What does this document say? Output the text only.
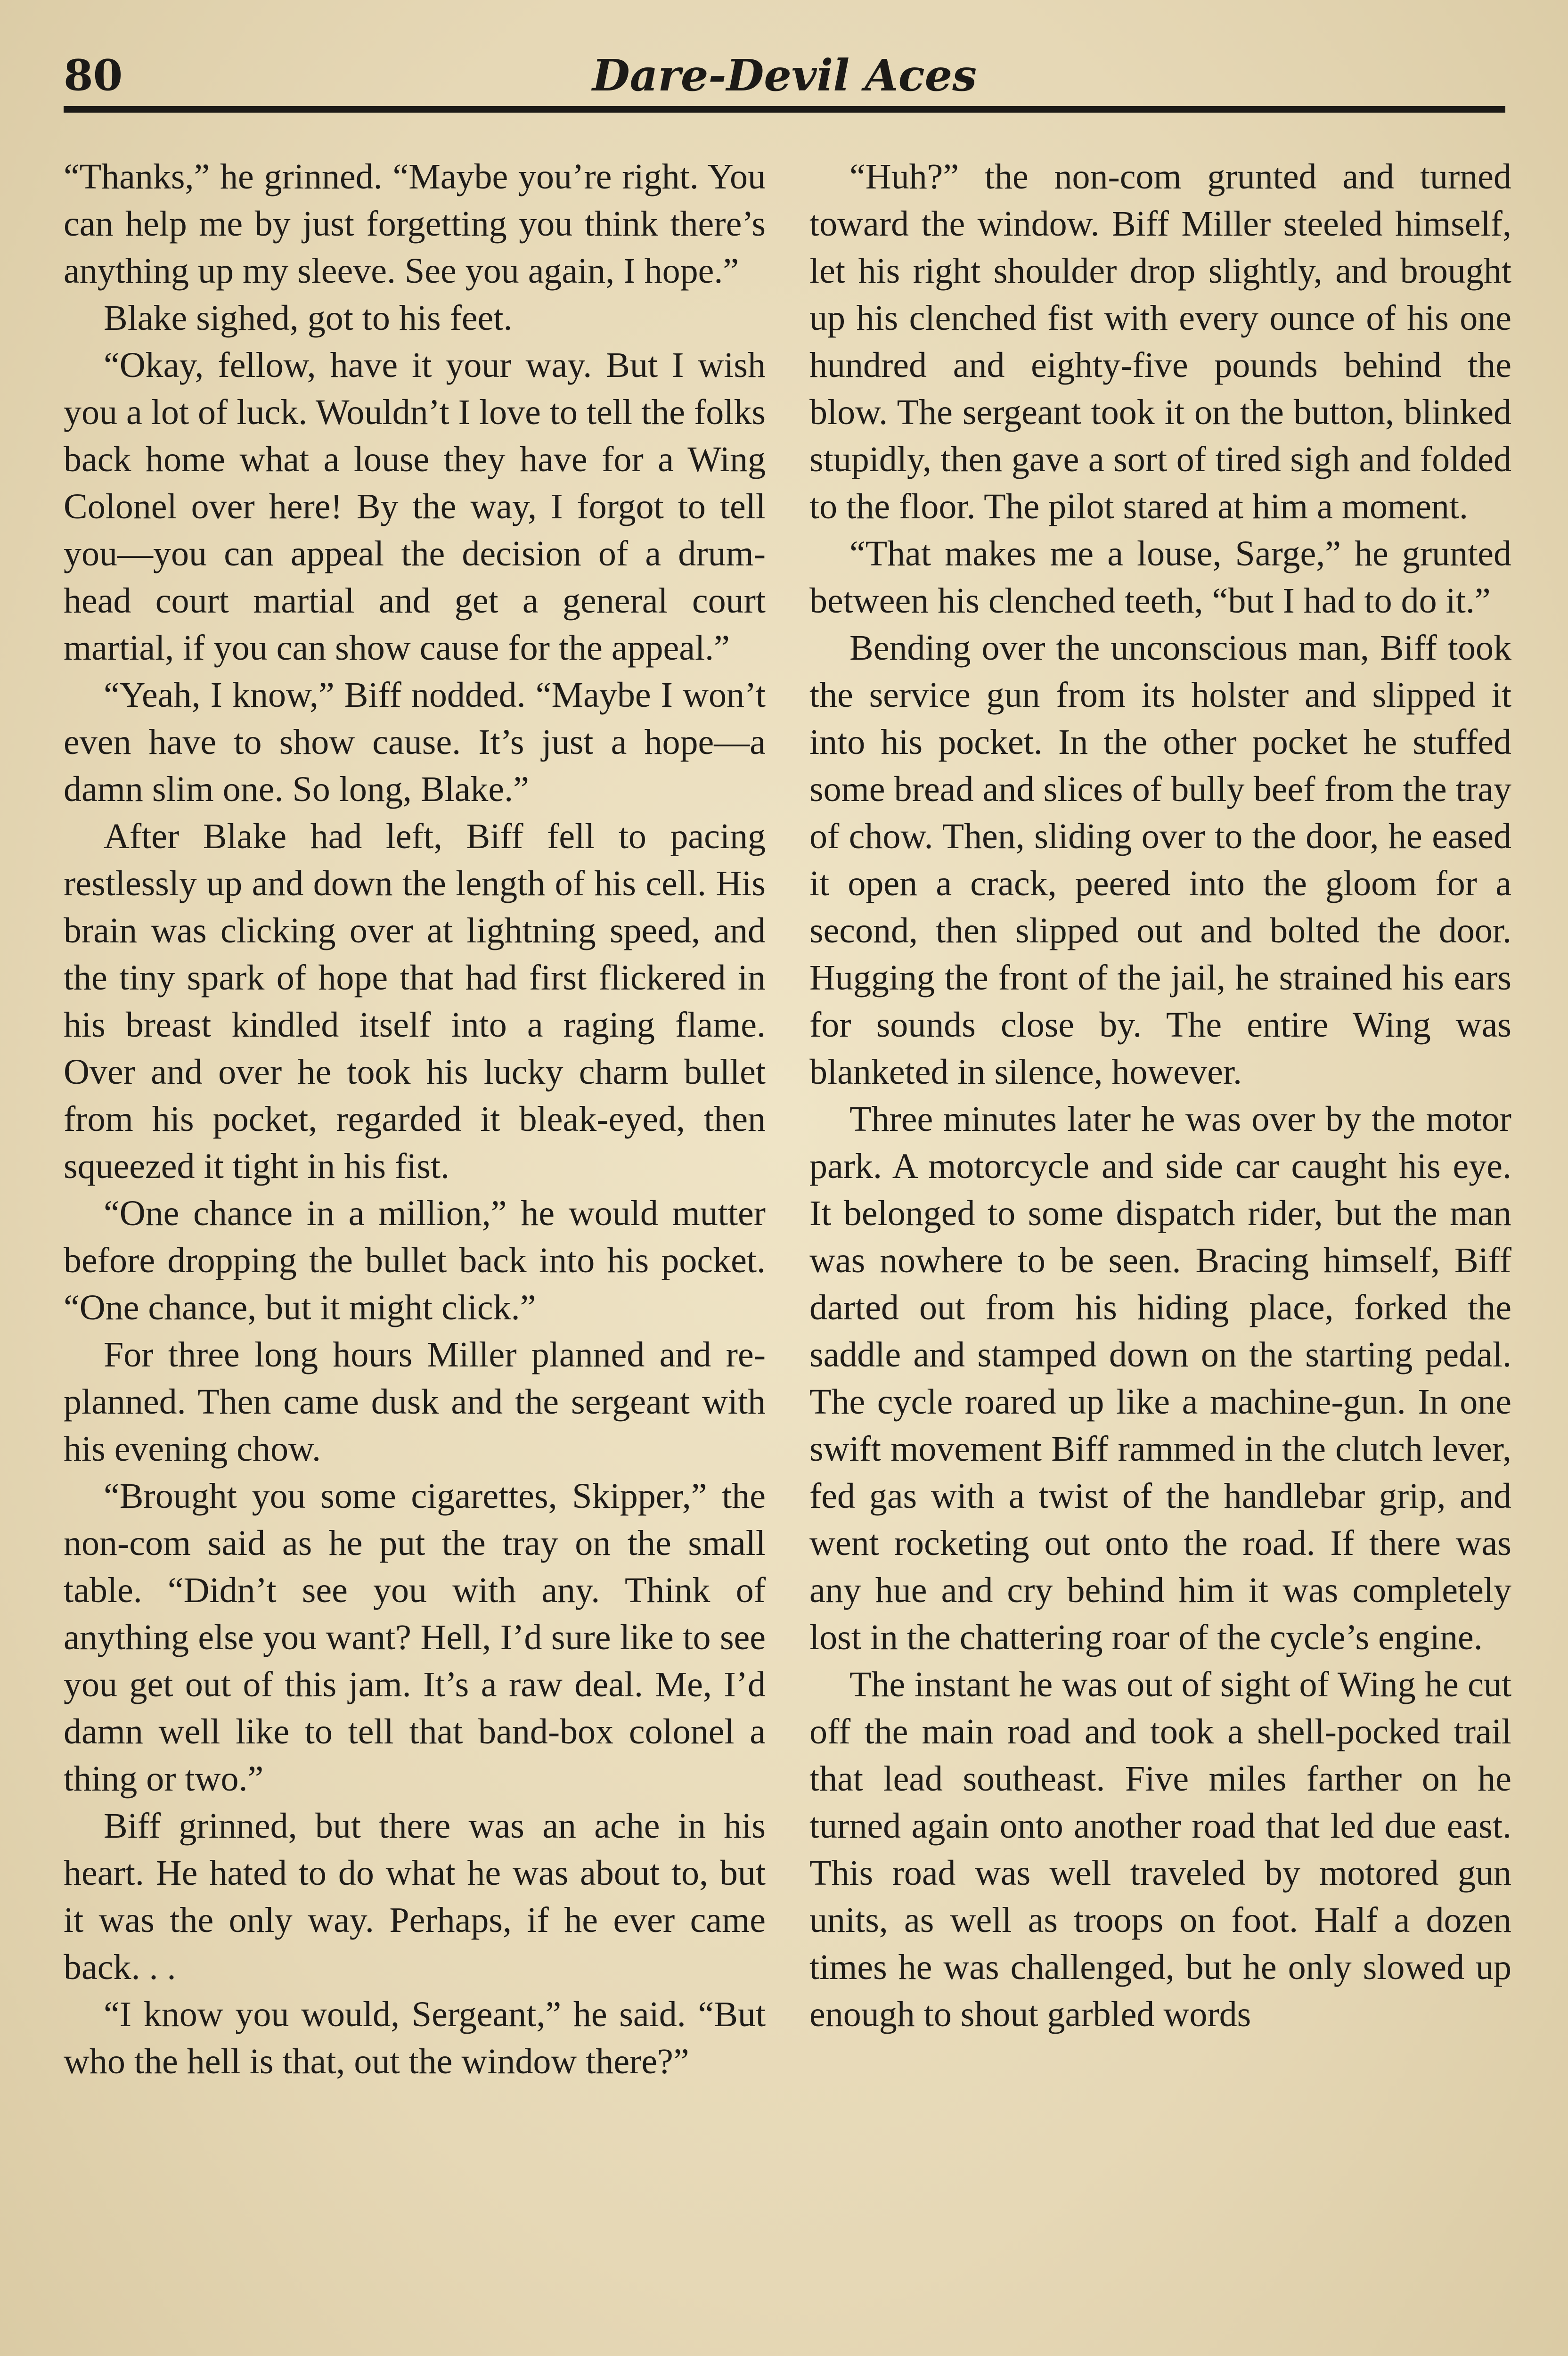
80	Dare-Devil Aces

“Thanks,” he grinned. “Maybe you’re right. You can help me by just forgetting you think there’s anything up my sleeve. See you again, I hope.”

Blake sighed, got to his feet.

“Okay, fellow, have it your way. But I wish you a lot of luck. Wouldn’t I love to tell the folks back home what a louse they have for a Wing Colonel over here! By the way, I forgot to tell you—you can appeal the decision of a drum-head court martial and get a general court martial, if you can show cause for the appeal.”

“Yeah, I know,” Biff nodded. “Maybe I won’t even have to show cause. It’s just a hope—a damn slim one. So long, Blake.”

After Blake had left, Biff fell to pacing restlessly up and down the length of his cell. His brain was clicking over at lightning speed, and the tiny spark of hope that had first flickered in his breast kindled itself into a raging flame. Over and over he took his lucky charm bullet from his pocket, regarded it bleak-eyed, then squeezed it tight in his fist.

“One chance in a million,” he would mutter before dropping the bullet back into his pocket. “One chance, but it might click.”

For three long hours Miller planned and re-planned. Then came dusk and the sergeant with his evening chow.

“Brought you some cigarettes, Skipper,” the non-com said as he put the tray on the small table. “Didn’t see you with any. Think of anything else you want? Hell, I’d sure like to see you get out of this jam. It’s a raw deal. Me, I’d damn well like to tell that band-box colonel a thing or two.”

Biff grinned, but there was an ache in his heart. He hated to do what he was about to, but it was the only way. Perhaps, if he ever came back. . .

“I know you would, Sergeant,” he said. “But who the hell is that, out the window there?”

“Huh?” the non-com grunted and turned toward the window. Biff Miller steeled himself, let his right shoulder drop slightly, and brought up his clenched fist with every ounce of his one hundred and eighty-five pounds behind the blow. The sergeant took it on the button, blinked stupidly, then gave a sort of tired sigh and folded to the floor. The pilot stared at him a moment.

“That makes me a louse, Sarge,” he grunted between his clenched teeth, “but I had to do it.”

Bending over the unconscious man, Biff took the service gun from its holster and slipped it into his pocket. In the other pocket he stuffed some bread and slices of bully beef from the tray of chow. Then, sliding over to the door, he eased it open a crack, peered into the gloom for a second, then slipped out and bolted the door. Hugging the front of the jail, he strained his ears for sounds close by. The entire Wing was blanketed in silence, however.

Three minutes later he was over by the motor park. A motorcycle and side car caught his eye. It belonged to some dispatch rider, but the man was nowhere to be seen. Bracing himself, Biff darted out from his hiding place, forked the saddle and stamped down on the starting pedal. The cycle roared up like a machine-gun. In one swift movement Biff rammed in the clutch lever, fed gas with a twist of the handlebar grip, and went rocketing out onto the road. If there was any hue and cry behind him it was completely lost in the chattering roar of the cycle’s engine.

The instant he was out of sight of Wing he cut off the main road and took a shell-pocked trail that lead southeast. Five miles farther on he turned again onto another road that led due east. This road was well traveled by motored gun units, as well as troops on foot. Half a dozen times he was challenged, but he only slowed up enough to shout garbled words
